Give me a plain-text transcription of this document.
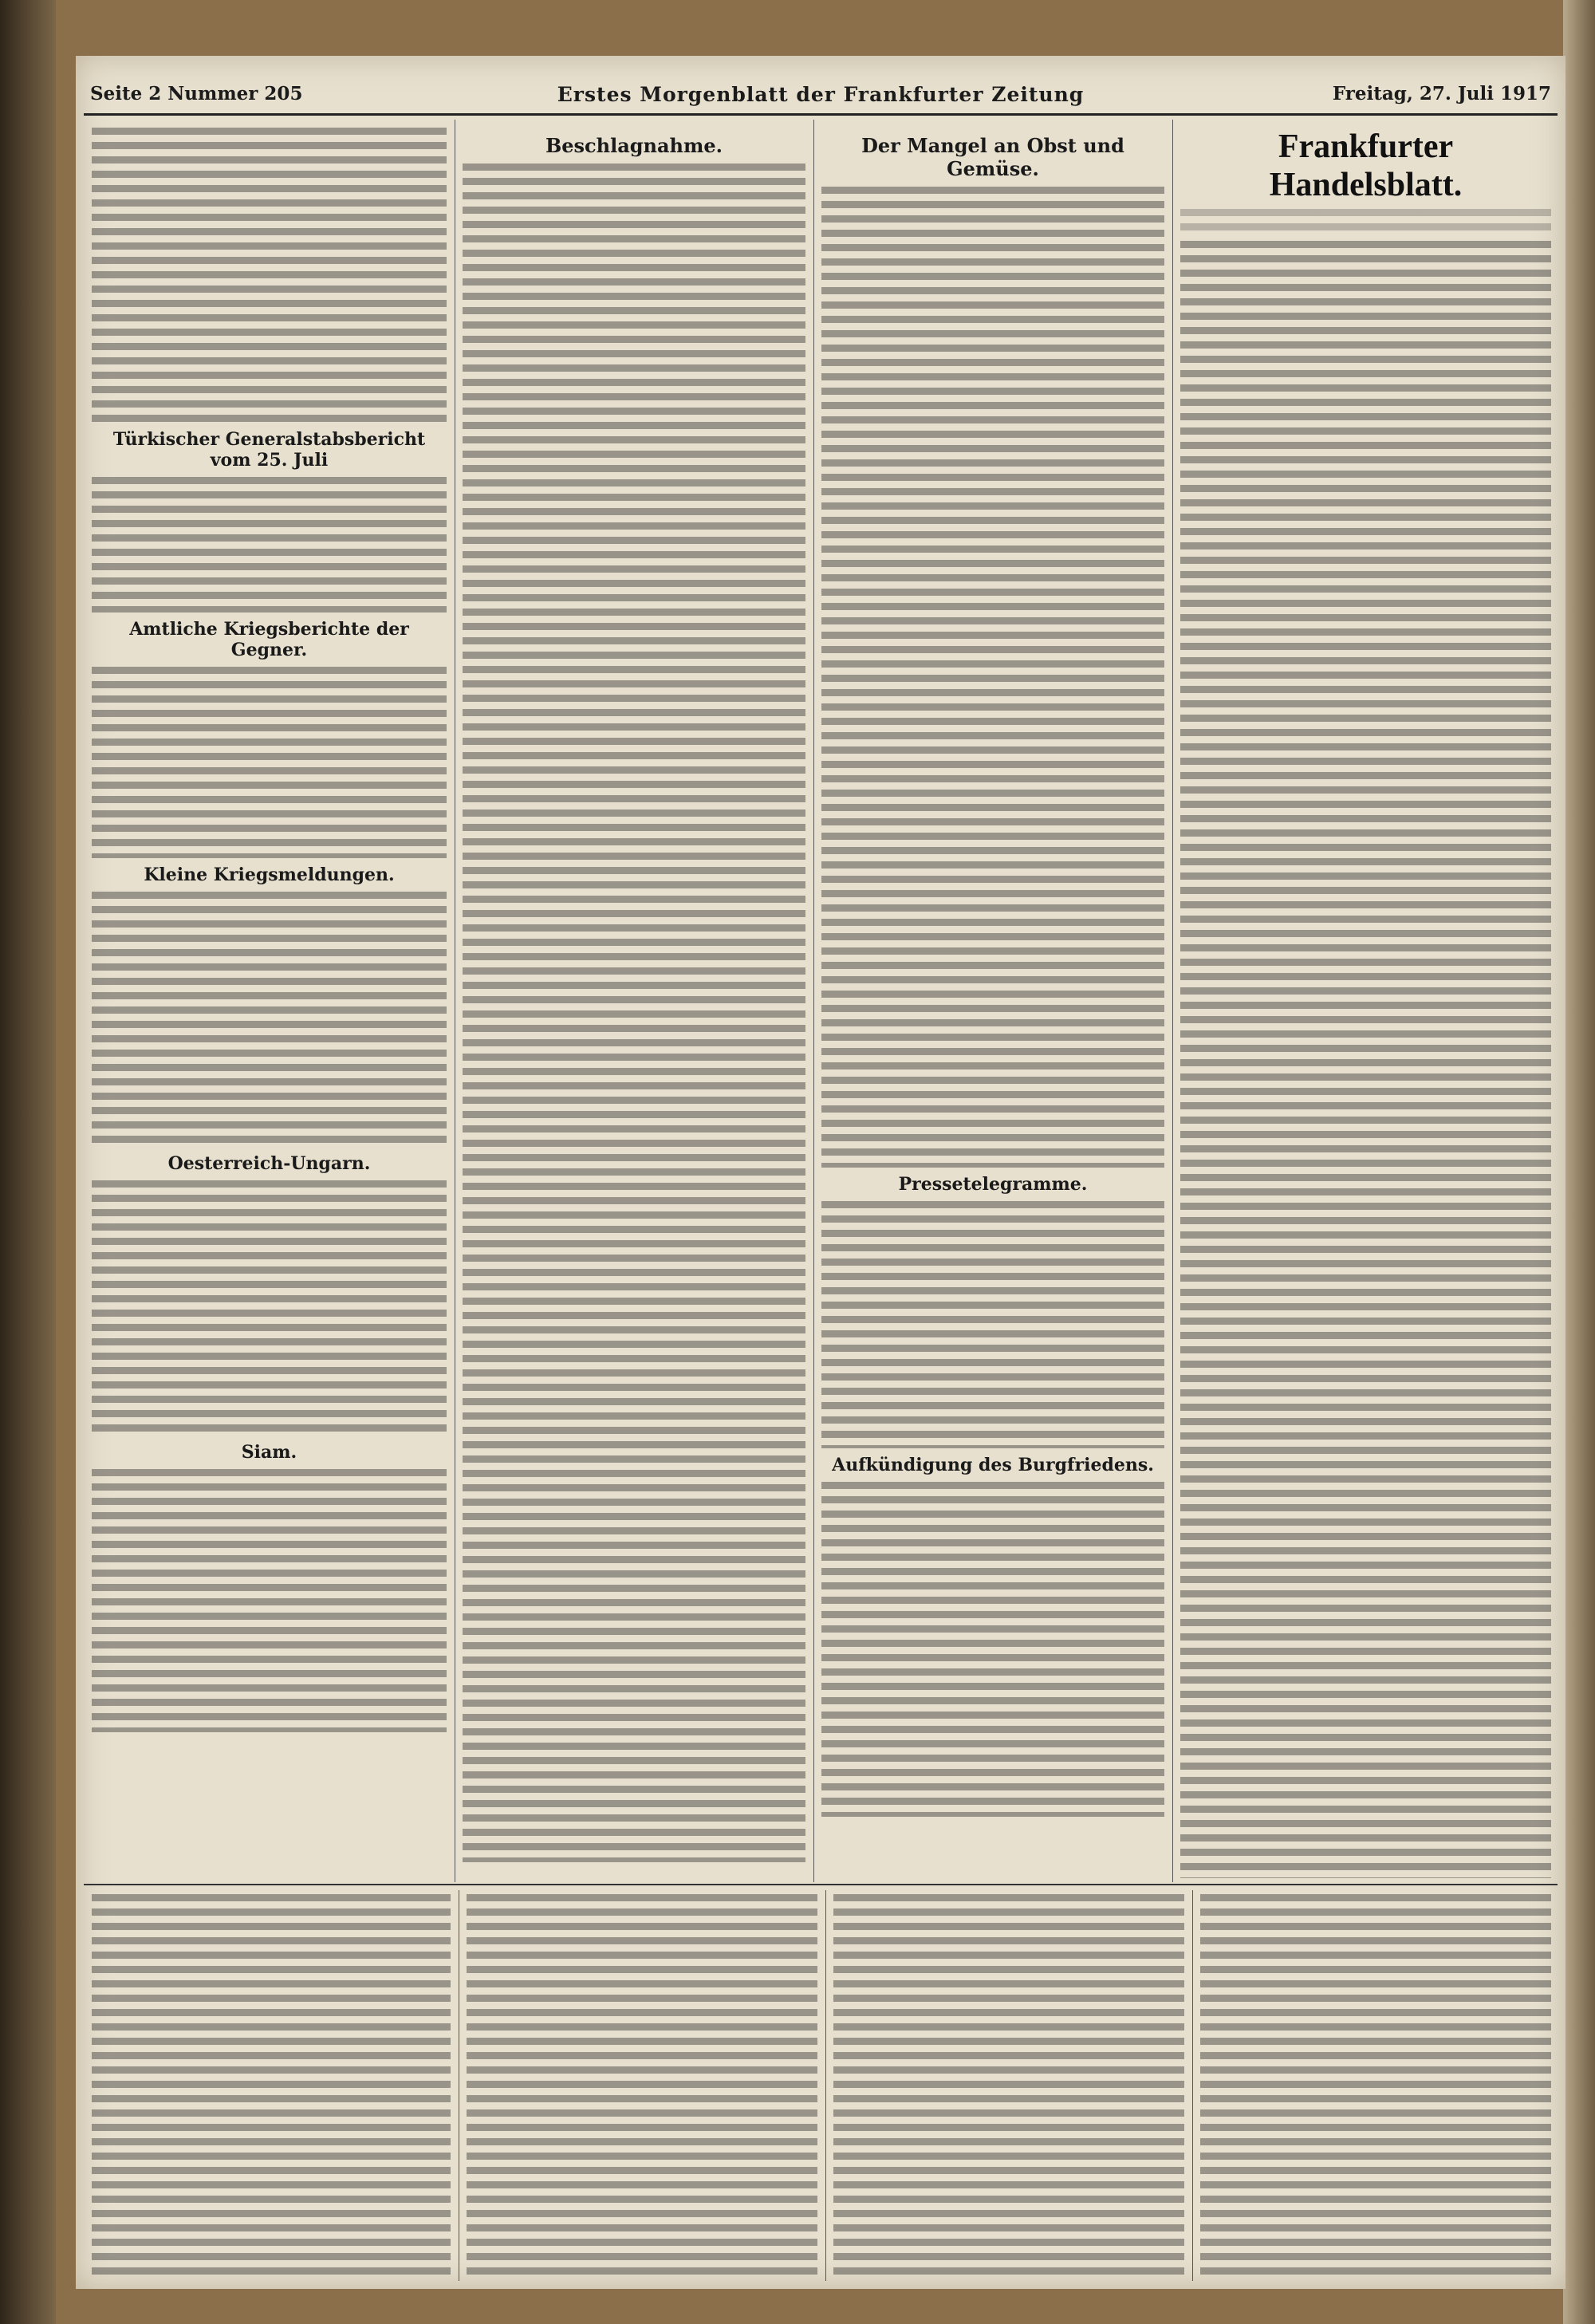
Seite 2 Nummer 205	Erstes Morgenblatt der Frankfurter Zeitung	Freitag, 27. Juli 1917
Türkischer Generalstabsbericht vom 25. Juli
Amtliche Kriegsberichte der Gegner.
Kleine Kriegsmeldungen.
Oesterreich-Ungarn.
Siam.
Beschlagnahme.	Der Mangel an Obst und Gemüse.
Pressetelegramme.
Aufkündigung des Burgfriedens.
Frankfurter Handelsblatt.
